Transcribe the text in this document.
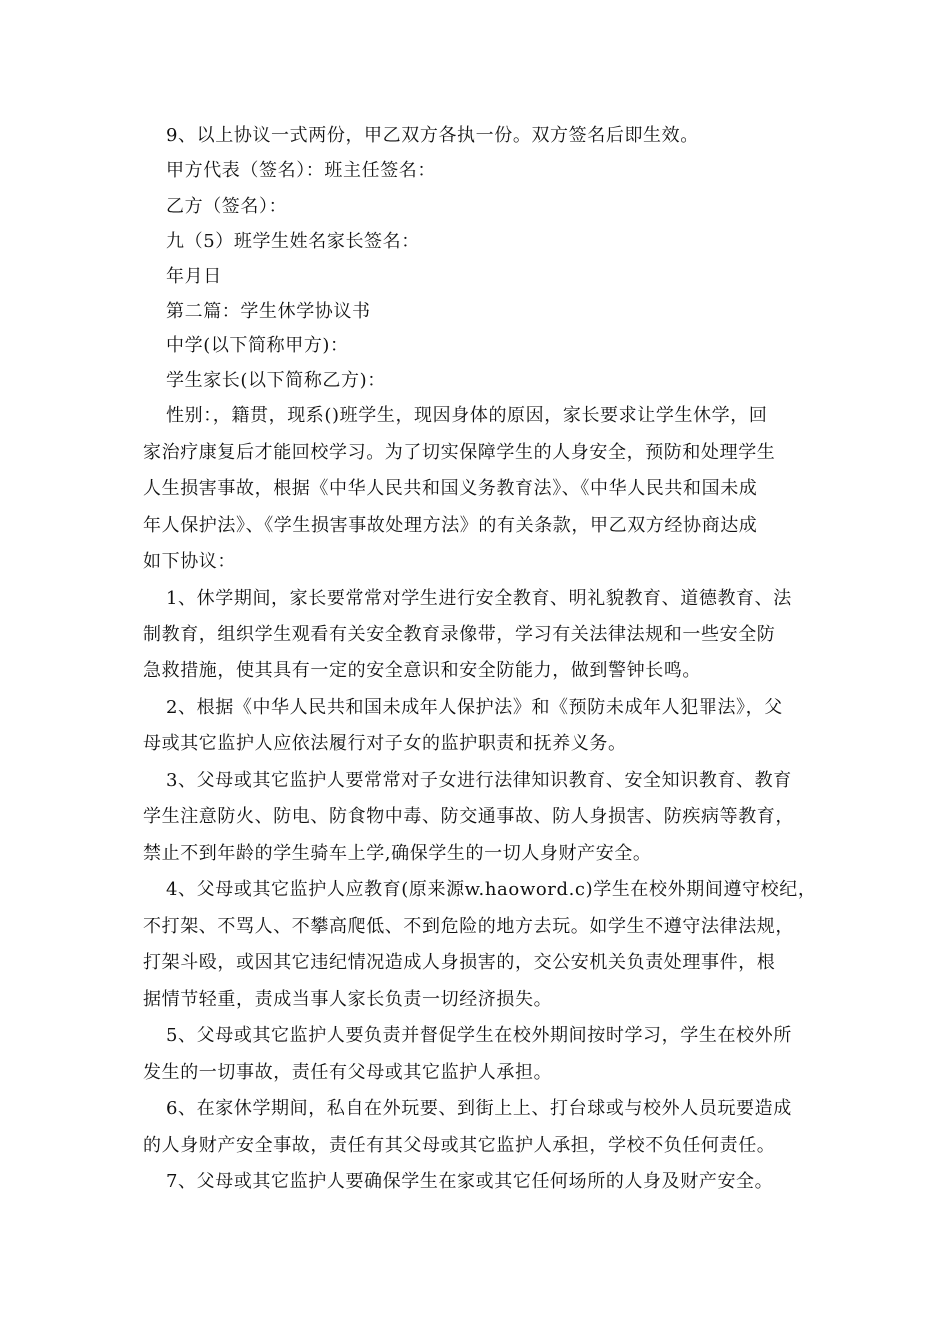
9、以上协议一式两份，甲乙双方各执一份。双方签名后即生效。
甲方代表（签名）：班主任签名：
乙方（签名）：
九（5）班学生姓名家长签名：
年月日
第二篇：学生休学协议书
中学(以下简称甲方)：
学生家长(以下简称乙方)：
性别：，籍贯，现系()班学生，现因身体的原因，家长要求让学生休学，回
家治疗康复后才能回校学习。为了切实保障学生的人身安全，预防和处理学生
人生损害事故，根据《中华人民共和国义务教育法》、《中华人民共和国未成
年人保护法》、《学生损害事故处理方法》的有关条款，甲乙双方经协商达成
如下协议：
1、休学期间，家长要常常对学生进行安全教育、明礼貌教育、道德教育、法
制教育，组织学生观看有关安全教育录像带，学习有关法律法规和一些安全防
急救措施，使其具有一定的安全意识和安全防能力，做到警钟长鸣。
2、根据《中华人民共和国未成年人保护法》和《预防未成年人犯罪法》，父
母或其它监护人应依法履行对子女的监护职责和抚养义务。
3、父母或其它监护人要常常对子女进行法律知识教育、安全知识教育、教育
学生注意防火、防电、防食物中毒、防交通事故、防人身损害、防疾病等教育，
禁止不到年龄的学生骑车上学,确保学生的一切人身财产安全。
4、父母或其它监护人应教育(原来源w.haoword.c)学生在校外期间遵守校纪，
不打架、不骂人、不攀高爬低、不到危险的地方去玩。如学生不遵守法律法规，
打架斗殴，或因其它违纪情况造成人身损害的，交公安机关负责处理事件，根
据情节轻重，责成当事人家长负责一切经济损失。
5、父母或其它监护人要负责并督促学生在校外期间按时学习，学生在校外所
发生的一切事故，责任有父母或其它监护人承担。
6、在家休学期间，私自在外玩要、到街上上、打台球或与校外人员玩要造成
的人身财产安全事故，责任有其父母或其它监护人承担，学校不负任何责任。
7、父母或其它监护人要确保学生在家或其它任何场所的人身及财产安全。
